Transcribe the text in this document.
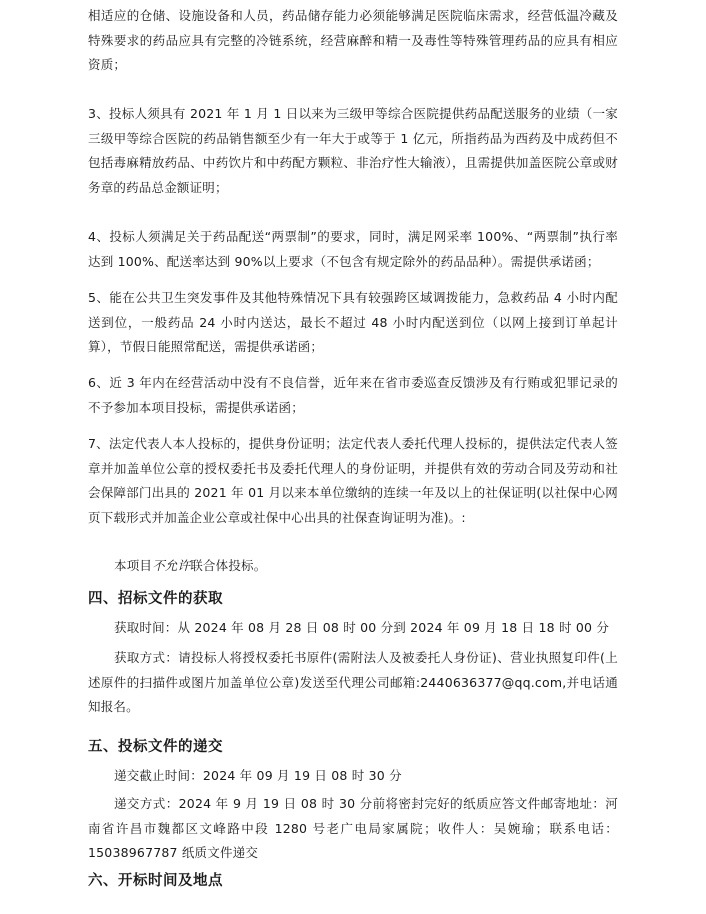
相适应的仓储、设施设备和人员，药品储存能力必须能够满足医院临床需求，经营低温冷藏及特殊要求的药品应具有完整的冷链系统，经营麻醉和精一及毒性等特殊管理药品的应具有相应资质；

3、投标人须具有 2021 年 1 月 1 日以来为三级甲等综合医院提供药品配送服务的业绩（一家三级甲等综合医院的药品销售额至少有一年大于或等于 1 亿元，所指药品为西药及中成药但不包括毒麻精放药品、中药饮片和中药配方颗粒、非治疗性大输液），且需提供加盖医院公章或财务章的药品总金额证明；

4、投标人须满足关于药品配送“两票制”的要求，同时，满足网采率 100%、“两票制”执行率达到 100%、配送率达到 90%以上要求（不包含有规定除外的药品品种）。需提供承诺函；

5、能在公共卫生突发事件及其他特殊情况下具有较强跨区域调拨能力，急救药品 4 小时内配送到位，一般药品 24 小时内送达，最长不超过 48 小时内配送到位（以网上接到订单起计算），节假日能照常配送，需提供承诺函；

6、近 3 年内在经营活动中没有不良信誉，近年来在省市委巡查反馈涉及有行贿或犯罪记录的不予参加本项目投标，需提供承诺函；

7、法定代表人本人投标的，提供身份证明；法定代表人委托代理人投标的，提供法定代表人签章并加盖单位公章的授权委托书及委托代理人的身份证明，并提供有效的劳动合同及劳动和社会保障部门出具的 2021 年 01 月以来本单位缴纳的连续一年及以上的社保证明(以社保中心网页下载形式并加盖企业公章或社保中心出具的社保查询证明为准)。:

本项目不允许联合体投标。

四、招标文件的获取

获取时间：从 2024 年 08 月 28 日 08 时 00 分到 2024 年 09 月 18 日 18 时 00 分

获取方式：请投标人将授权委托书原件(需附法人及被委托人身份证)、营业执照复印件(上述原件的扫描件或图片加盖单位公章)发送至代理公司邮箱:2440636377@qq.com,并电话通知报名。

五、投标文件的递交

递交截止时间：2024 年 09 月 19 日 08 时 30 分

递交方式：2024 年 9 月 19 日 08 时 30 分前将密封完好的纸质应答文件邮寄地址：河南省许昌市魏都区文峰路中段 1280 号老广电局家属院；收件人：吴婉瑜；联系电话：15038967787 纸质文件递交

六、开标时间及地点
